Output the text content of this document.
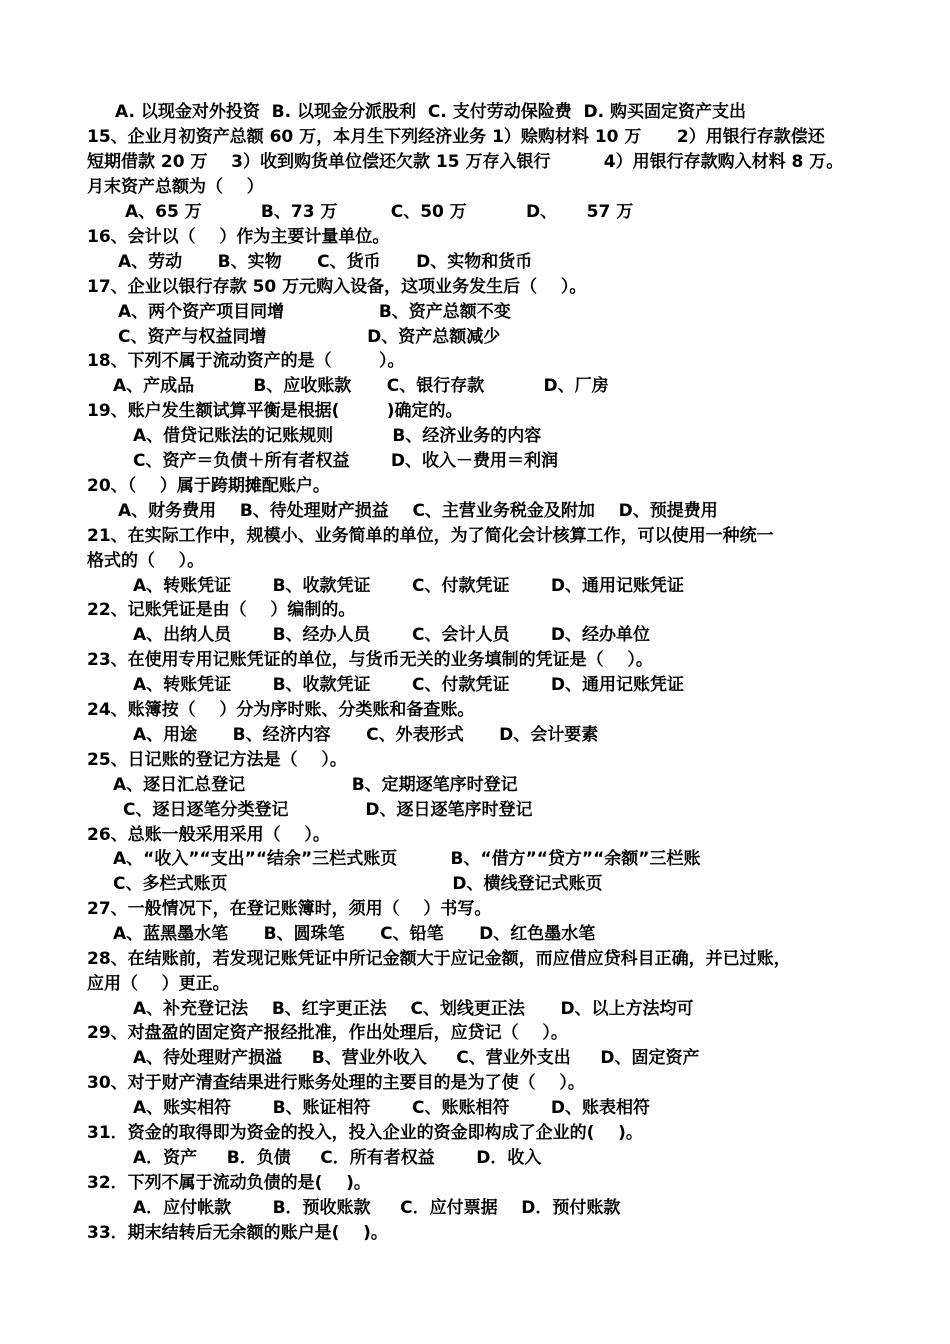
A. 以现金对外投资  B. 以现金分派股利  C. 支付劳动保险费  D. 购买固定资产支出
15、企业月初资产总额 60 万，本月生下列经济业务 1）赊购材料 10 万      2）用银行存款偿还
短期借款 20 万    3）收到购货单位偿还欠款 15 万存入银行         4）用银行存款购入材料 8 万。
月末资产总额为（    ）
A、65 万          B、73 万         C、50 万          D、     57 万
16、会计以（    ）作为主要计量单位。
A、劳动      B、实物      C、货币      D、实物和货币
17、企业以银行存款 50 万元购入设备，这项业务发生后（    ）。
A、两个资产项目同增                B、资产总额不变
C、资产与权益同增                 D、资产总额减少
18、下列不属于流动资产的是（        ）。
A、产成品          B、应收账款      C、银行存款          D、厂房
19、账户发生额试算平衡是根据(        )确定的。
A、借贷记账法的记账规则          B、经济业务的内容
C、资产＝负债＋所有者权益       D、收入－费用＝利润
20、（    ）属于跨期摊配账户。
A、财务费用    B、待处理财产损益    C、主营业务税金及附加    D、预提费用
21、在实际工作中，规模小、业务简单的单位，为了简化会计核算工作，可以使用一种统一
格式的（    ）。
A、转账凭证       B、收款凭证       C、付款凭证       D、通用记账凭证
22、记账凭证是由（    ）编制的。
A、出纳人员       B、经办人员       C、会计人员       D、经办单位
23、在使用专用记账凭证的单位，与货币无关的业务填制的凭证是（    ）。
A、转账凭证       B、收款凭证       C、付款凭证       D、通用记账凭证
24、账簿按（    ）分为序时账、分类账和备查账。
A、用途      B、经济内容      C、外表形式      D、会计要素
25、日记账的登记方法是（    ）。
A、逐日汇总登记                  B、定期逐笔序时登记
C、逐日逐笔分类登记             D、逐日逐笔序时登记
26、总账一般采用采用（    ）。
A、“收入”“支出”“结余”三栏式账页         B、“借方”“贷方”“余额”三栏账
C、多栏式账页                                      D、横线登记式账页
27、一般情况下，在登记账簿时，须用（    ）书写。
A、蓝黑墨水笔      B、圆珠笔      C、铅笔      D、红色墨水笔
28、在结账前，若发现记账凭证中所记金额大于应记金额，而应借应贷科目正确，并已过账，
应用（    ）更正。
A、补充登记法    B、红字更正法    C、划线更正法      D、以上方法均可
29、对盘盈的固定资产报经批准，作出处理后，应贷记（    ）。
A、待处理财产损溢     B、营业外收入     C、营业外支出     D、固定资产
30、对于财产清查结果进行账务处理的主要目的是为了使（    ）。
A、账实相符       B、账证相符       C、账账相符       D、账表相符
31．资金的取得即为资金的投入，投入企业的资金即构成了企业的(    )。
A．资产     B．负债     C．所有者权益       D．收入
32．下列不属于流动负债的是(    )。
A．应付帐款       B．预收账款     C．应付票据    D．预付账款
33．期末结转后无余额的账户是(    )。
